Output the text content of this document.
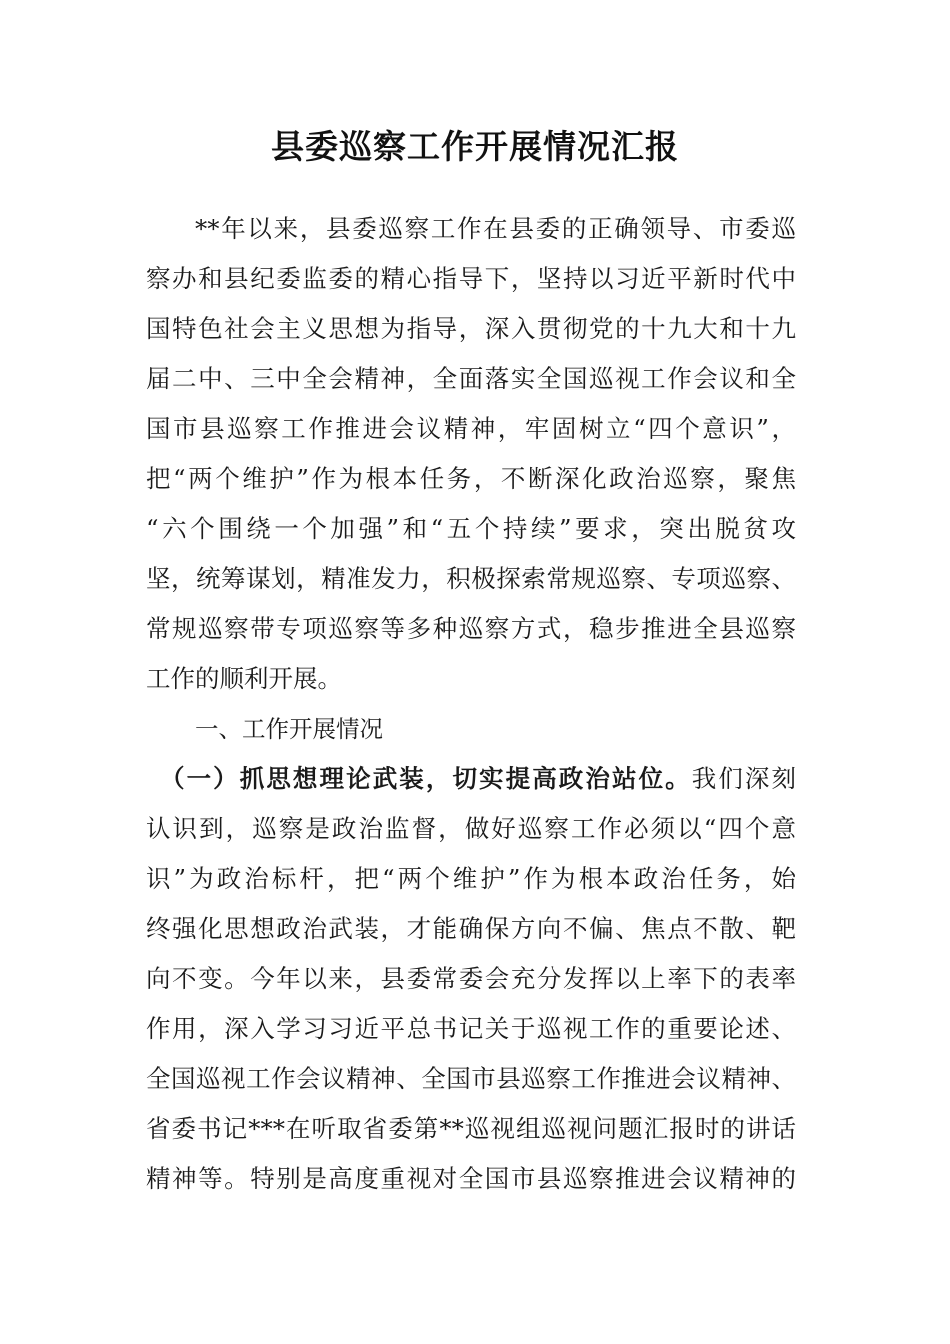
县委巡察工作开展情况汇报
**年以来，县委巡察工作在县委的正确领导、市委巡
察办和县纪委监委的精心指导下，坚持以习近平新时代中
国特色社会主义思想为指导，深入贯彻党的十九大和十九
届二中、三中全会精神，全面落实全国巡视工作会议和全
国市县巡察工作推进会议精神，牢固树立“四个意识”，
把“两个维护”作为根本任务，不断深化政治巡察，聚焦
“六个围绕一个加强”和“五个持续”要求，突出脱贫攻
坚，统筹谋划，精准发力，积极探索常规巡察、专项巡察、
常规巡察带专项巡察等多种巡察方式，稳步推进全县巡察
工作的顺利开展。
一、工作开展情况
（一）抓思想理论武装，切实提高政治站位。我们深刻
认识到，巡察是政治监督，做好巡察工作必须以“四个意
识”为政治标杆，把“两个维护”作为根本政治任务，始
终强化思想政治武装，才能确保方向不偏、焦点不散、靶
向不变。今年以来，县委常委会充分发挥以上率下的表率
作用，深入学习习近平总书记关于巡视工作的重要论述、
全国巡视工作会议精神、全国市县巡察工作推进会议精神、
省委书记***在听取省委第**巡视组巡视问题汇报时的讲话
精神等。特别是高度重视对全国市县巡察推进会议精神的
